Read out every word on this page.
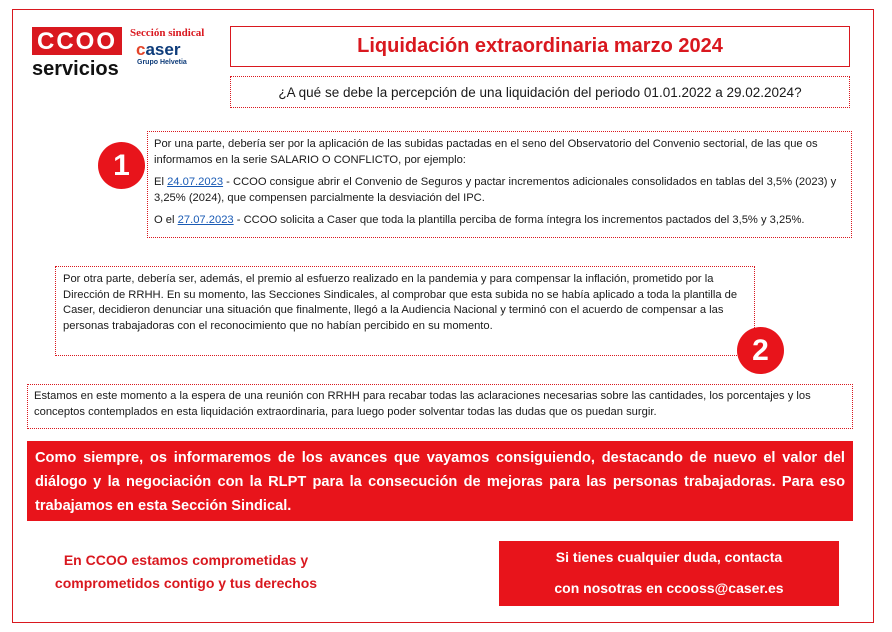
CCOO
servicios
Sección sindical
caser
Grupo Helvetia
Liquidación extraordinaria marzo 2024
¿A qué se debe la percepción de una liquidación del periodo 01.01.2022 a 29.02.2024?
1

Por una parte, debería ser por la aplicación de las subidas pactadas en el seno del Observatorio del Convenio sectorial, de las que os informamos en la serie SALARIO O CONFLICTO, por ejemplo:

El 24.07.2023 - CCOO consigue abrir el Convenio de Seguros y pactar incrementos adicionales consolidados en tablas del 3,5% (2023) y 3,25% (2024), que compensen parcialmente la desviación del IPC.

O el 27.07.2023 - CCOO solicita a Caser que toda la plantilla perciba de forma íntegra los incrementos pactados del 3,5% y 3,25%.

Por otra parte, debería ser, además, el premio al esfuerzo realizado en la pandemia y para compensar la inflación, prometido por la Dirección de RRHH. En su momento, las Secciones Sindicales, al comprobar que esta subida no se había aplicado a toda la plantilla de Caser, decidieron denunciar una situación que finalmente, llegó a la Audiencia Nacional y terminó con el acuerdo de compensar a las personas trabajadoras con el reconocimiento que no habían percibido en su momento.

2

Estamos en este momento a la espera de una reunión con RRHH para recabar todas las aclaraciones necesarias sobre las cantidades, los porcentajes y los conceptos contemplados en esta liquidación extraordinaria, para luego poder solventar todas las dudas que os puedan surgir.

Como siempre, os informaremos de los avances que vayamos consiguiendo, destacando de nuevo el valor del diálogo y la negociación con la RLPT para la consecución de mejoras para las personas trabajadoras. Para eso trabajamos en esta Sección Sindical.

En CCOO estamos comprometidas y
comprometidos contigo y tus derechos
Si tienes cualquier duda, contacta
con nosotras en ccooss@caser.es
